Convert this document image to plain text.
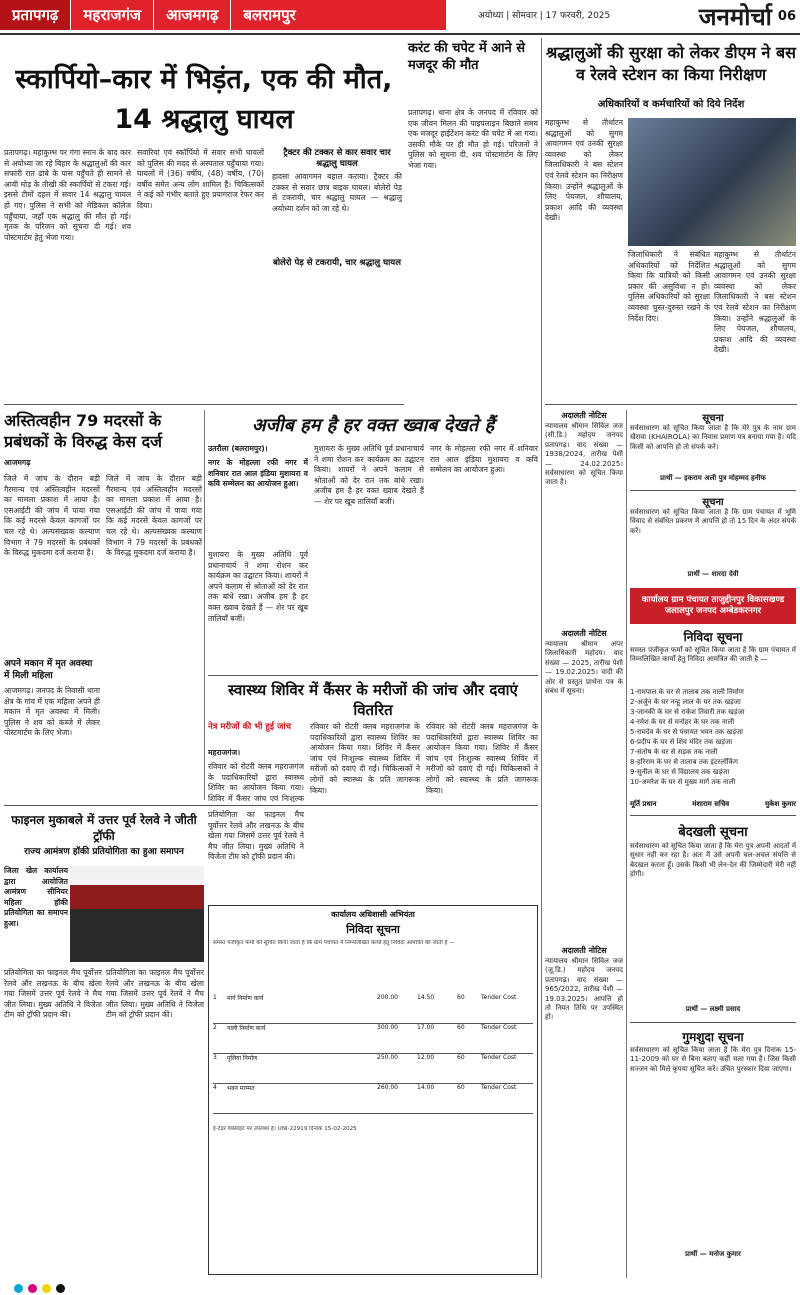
प्रतापगढ़	महराजगंज	आजमगढ़	बलरामपुर	अयोध्या | सोमवार | 17 फरवरी, 2025	जनमोर्चा 06
स्कार्पियो–कार में भिड़ंत, एक की मौत, 14 श्रद्धालु घायल
प्रतापगढ़। महाकुम्भ पर गंगा स्नान के बाद कार से अयोध्या जा रहे बिहार के श्रद्धालुओं की कार सफारी रात ढाबे के पास पहुँचते ही सामने से आयी मोड़ के तीखी की स्कार्पियो से टकरा गई। इससे टीमों दहल में सवार 14 श्रद्धालु घायल हो गए। पुलिस ने सभी को मेडिकल कॉलेज पहुँचाया, जहाँ एक श्रद्धालु की मौत हो गई। मृतक के परिजन को सूचना दी गई। शव पोस्टमार्टम हेतु भेजा गया।
सवारियां एवं स्कॉर्पियो में सवार सभी घायलों को पुलिस की मदद से अस्पताल पहुँचाया गया। घायलों में (36) वर्षीय, (48) वर्षीय, (70) वर्षीय समेत अन्य लोग शामिल हैं। चिकित्सकों ने कई को गंभीर बताते हुए प्रयागराज रेफर कर दिया।
ट्रैक्टर की टक्कर से कार सवार चार श्रद्धालु घायल
हादसा आवागमन बहाल कराया। ट्रैक्टर की टक्कर से सवार छात्र बाइक घायल। बोलेरो पेड़ से टकरायी, चार श्रद्धालु घायल — श्रद्धालु अयोध्या दर्शन को जा रहे थे।
बोलेरो पेड़ से टकरायी, चार श्रद्धालु घायल
करंट की चपेट में आने से मजदूर की मौत
प्रतापगढ़। थाना क्षेत्र के जनपद में रविवार को एक जीवन मिलन की पाइपलाइन बिछाते समय एक मजदूर हाईटेंशन करंट की चपेट में आ गया। उसकी मौके पर ही मौत हो गई। परिजनों ने पुलिस को सूचना दी, शव पोस्टमार्टम के लिए भेजा गया।
अस्तित्वहीन 79 मदरसों के प्रबंधकों के विरुद्ध केस दर्ज
आजमगढ़
जिले में जांच के दौरान बड़ी गैरमान्य एवं अस्तित्वहीन मदरसों का मामला प्रकाश में आया है। एसआईटी की जांच में पाया गया कि कई मदरसे केवल कागजों पर चल रहे थे। अल्पसंख्यक कल्याण विभाग ने 79 मदरसों के प्रबंधकों के विरुद्ध मुकदमा दर्ज कराया है।
अपने मकान में मृत अवस्था में मिली महिला
आजमगढ़। जनपद के निवासी थाना क्षेत्र के गांव में एक महिला अपने ही मकान में मृत अवस्था में मिली। पुलिस ने शव को कब्जे में लेकर पोस्टमार्टम के लिए भेजा।
जिले में जांच के दौरान बड़ी गैरमान्य एवं अस्तित्वहीन मदरसों का मामला प्रकाश में आया है। एसआईटी की जांच में पाया गया कि कई मदरसे केवल कागजों पर चल रहे थे। अल्पसंख्यक कल्याण विभाग ने 79 मदरसों के प्रबंधकों के विरुद्ध मुकदमा दर्ज कराया है।
अजीब हम है हर वक्त ख्वाब देखते हैं
उतरौला (बलरामपुर)।
नगर के मोहल्ला रफी नगर में शनिवार रात आल इंडिया मुशायरा व कवि सम्मेलन का आयोजन हुआ।
मुशायरा के मुख्य अतिथि पूर्व प्रधानाचार्य ने शमा रोशन कर कार्यक्रम का उद्घाटन किया। शायरों ने अपने कलाम से श्रोताओं को देर रात तक बांधे रखा। अजीब हम है हर वक्त ख्वाब देखते हैं — शेर पर खूब तालियाँ बजीं।
मुशायरा के मुख्य अतिथि पूर्व प्रधानाचार्य ने शमा रोशन कर कार्यक्रम का उद्घाटन किया। शायरों ने अपने कलाम से श्रोताओं को देर रात तक बांधे रखा। अजीब हम है हर वक्त ख्वाब देखते हैं — शेर पर खूब तालियाँ बजीं।
नगर के मोहल्ला रफी नगर में शनिवार रात आल इंडिया मुशायरा व कवि सम्मेलन का आयोजन हुआ।
स्वास्थ्य शिविर में कैंसर के मरीजों की जांच और दवाएं वितरित
नेत्र मरीजों की भी हुई जांच
महराजगंज।
रविवार को रोटरी क्लब महराजगंज के पदाधिकारियों द्वारा स्वास्थ्य शिविर का आयोजन किया गया। शिविर में कैंसर जांच एवं निःशुल्क
रविवार को रोटरी क्लब महराजगंज के पदाधिकारियों द्वारा स्वास्थ्य शिविर का आयोजन किया गया। शिविर में कैंसर जांच एवं निःशुल्क स्वास्थ्य शिविर में मरीजों को दवाएं दी गईं। चिकित्सकों ने लोगों को स्वास्थ्य के प्रति जागरूक किया।
रविवार को रोटरी क्लब महराजगंज के पदाधिकारियों द्वारा स्वास्थ्य शिविर का आयोजन किया गया। शिविर में कैंसर जांच एवं निःशुल्क स्वास्थ्य शिविर में मरीजों को दवाएं दी गईं। चिकित्सकों ने लोगों को स्वास्थ्य के प्रति जागरूक किया।
फाइनल मुकाबले में उत्तर पूर्व रेलवे ने जीती ट्रॉफी
राज्य आमंत्रण हॉकी प्रतियोगिता का हुआ समापन
जिला खेल कार्यालय द्वारा आयोजित आमंत्रण सीनियर महिला हॉकी प्रतियोगिता का समापन हुआ।
प्रतियोगिता का फाइनल मैच पूर्वोत्तर रेलवे और लखनऊ के बीच खेला गया जिसमें उत्तर पूर्व रेलवे ने मैच जीत लिया। मुख्य अतिथि ने विजेता टीम को ट्रॉफी प्रदान की।
प्रतियोगिता का फाइनल मैच पूर्वोत्तर रेलवे और लखनऊ के बीच खेला गया जिसमें उत्तर पूर्व रेलवे ने मैच जीत लिया। मुख्य अतिथि ने विजेता टीम को ट्रॉफी प्रदान की।
प्रतियोगिता का फाइनल मैच पूर्वोत्तर रेलवे और लखनऊ के बीच खेला गया जिसमें उत्तर पूर्व रेलवे ने मैच जीत लिया। मुख्य अतिथि ने विजेता टीम को ट्रॉफी प्रदान की।
कार्यालय अधिशासी अभियंता
निविदा सूचना
समस्त पंजीकृत फर्मों को सूचित किया जाता है कि ग्राम पंचायत में निम्नलिखित कार्यों हेतु निविदा आमंत्रित की जाती है —
1	मार्ग निर्माण कार्य	200.00	14.50	60	Tender Cost
2	नाली निर्माण कार्य	300.00	17.00	60	Tender Cost
3	पुलिया निर्माण	250.00	12.00	60	Tender Cost
4	भवन मरम्मत	260.00	14.00	60	Tender Cost
ई-टेंडर वेबसाइट पर उपलब्ध है। UNI-22919 दिनांक 15-02-2025
श्रद्धालुओं की सुरक्षा को लेकर डीएम ने बस व रेलवे स्टेशन का किया निरीक्षण
अधिकारियों व कर्मचारियों को दिये निर्देश
महाकुम्भ से तीर्थाटन श्रद्धालुओं को सुगम आवागमन एवं उनकी सुरक्षा व्यवस्था को लेकर जिलाधिकारी ने बस स्टेशन एवं रेलवे स्टेशन का निरीक्षण किया। उन्होंने श्रद्धालुओं के लिए पेयजल, शौचालय, प्रकाश आदि की व्यवस्था देखी।
जिलाधिकारी ने संबंधित अधिकारियों को निर्देशित किया कि यात्रियों को किसी प्रकार की असुविधा न हो। पुलिस अधिकारियों को सुरक्षा व्यवस्था चुस्त-दुरुस्त रखने के निर्देश दिए।
महाकुम्भ से तीर्थाटन श्रद्धालुओं को सुगम आवागमन एवं उनकी सुरक्षा व्यवस्था को लेकर जिलाधिकारी ने बस स्टेशन एवं रेलवे स्टेशन का निरीक्षण किया। उन्होंने श्रद्धालुओं के लिए पेयजल, शौचालय, प्रकाश आदि की व्यवस्था देखी।
अदालती नोटिस
न्यायालय श्रीमान सिविल जज (सी.डि.) महोदय जनपद प्रतापगढ़। वाद संख्या — 1938/2024, तारीख पेशी — 24.02.2025। सर्वसाधारण को सूचित किया जाता है।
अदालती नोटिस
न्यायालय श्रीमान अपर जिलाधिकारी महोदय। वाद संख्या — 2025, तारीख पेशी — 19.02.2025। वादी की ओर से प्रस्तुत प्रार्थना पत्र के संबंध में सूचना।
अदालती नोटिस
न्यायालय श्रीमान सिविल जज (जू.डि.) महोदय जनपद प्रतापगढ़। वाद संख्या — 965/2022, तारीख पेशी — 19.03.2025। आपत्ति हो तो नियत तिथि पर उपस्थित हों।
सूचना
सर्वसाधारण को सूचित किया जाता है कि मेरे पुत्र के नाम ग्राम खैरावा (KHAIROLA) का निवास प्रमाण पत्र बनाया गया है। यदि किसी को आपत्ति हो तो संपर्क करें।
प्रार्थी — इकराम अली पुत्र मोहम्मद हनीफ
सूचना
सर्वसाधारण को सूचित किया जाता है कि ग्राम पंचायत में भूमि विवाद से संबंधित प्रकरण में आपत्ति हो तो 15 दिन के अंदर संपर्क करें।
प्रार्थी — शारदा देवी
कार्यालय ग्राम पंचायत ताजुद्दीनपुर विकासखण्ड जलालपुर जनपद अम्बेडकरनगर
निविदा सूचना
समस्त पंजीकृत फर्मों को सूचित किया जाता है कि ग्राम पंचायत में निम्नलिखित कार्यों हेतु निविदा आमंत्रित की जाती है —
1-रामपाल के घर से तालाब तक नाली निर्माण
2-अर्जुन के घर नन्हू लाल के घर तक खड़ंजा
3-जानकी के घर से राकेश तिवारी तक खड़ंजा
4-रमेश के घर से मनोहर के घर तक नाली
5-रामदेव के घर से पंचायत भवन तक खड़ंजा
6-प्रदीप के घर से शिव मंदिर तक खड़ंजा
7-संतोष के घर से सड़क तक नाली
8-हरिराम के घर से तालाब तक इंटरलॉकिंग
9-सुनील के घर से विद्यालय तक खड़ंजा
10-अमरेश के घर से मुख्य मार्ग तक नाली
मूर्ति प्रधान	मंशाराम सचिव	मुकेश कुमार
बेदखली सूचना
सर्वसाधारण को सूचित किया जाता है कि मेरा पुत्र अपनी आदतों में सुधार नहीं कर रहा है। अतः मैं उसे अपनी चल-अचल संपत्ति से बेदखल करता हूँ। उसके किसी भी लेन-देन की जिम्मेदारी मेरी नहीं होगी।
प्रार्थी — लक्ष्मी प्रसाद
गुमशुदा सूचना
सर्वसाधारण को सूचित किया जाता है कि मेरा पुत्र दिनांक 15-11-2009 को घर से बिना बताए कहीं चला गया है। जिस किसी सज्जन को मिले कृपया सूचित करें। उचित पुरस्कार दिया जाएगा।
प्रार्थी — मनोज कुमार
